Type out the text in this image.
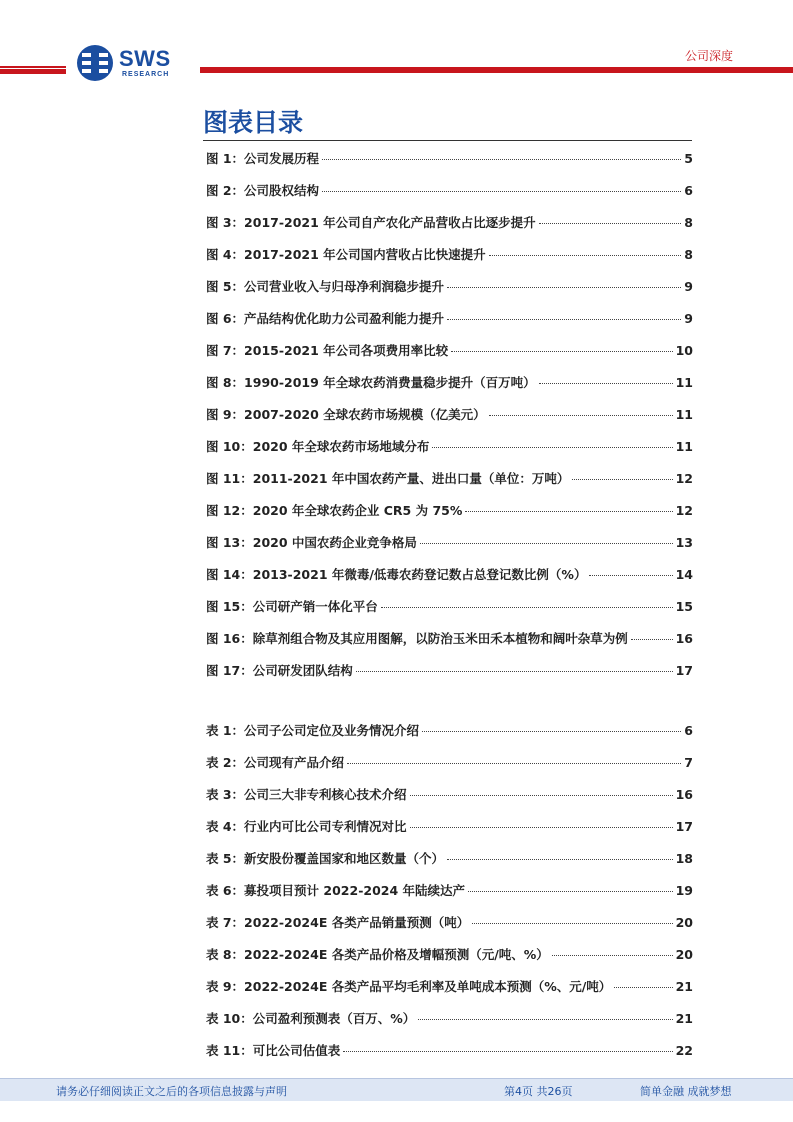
SWS
RESEARCH
公司深度
图表目录
图 1：公司发展历程	5
图 2：公司股权结构	6
图 3：2017-2021 年公司自产农化产品营收占比逐步提升	8
图 4：2017-2021 年公司国内营收占比快速提升	8
图 5：公司营业收入与归母净利润稳步提升	9
图 6：产品结构优化助力公司盈利能力提升	9
图 7：2015-2021 年公司各项费用率比较	10
图 8：1990-2019 年全球农药消费量稳步提升（百万吨）	11
图 9：2007-2020 全球农药市场规模（亿美元）	11
图 10：2020 年全球农药市场地域分布	11
图 11：2011-2021 年中国农药产量、进出口量（单位：万吨）	12
图 12：2020 年全球农药企业 CR5 为 75%	12
图 13：2020 中国农药企业竞争格局	13
图 14：2013-2021 年微毒/低毒农药登记数占总登记数比例（%）	14
图 15：公司研产销一体化平台	15
图 16：除草剂组合物及其应用图解，以防治玉米田禾本植物和阔叶杂草为例	16
图 17：公司研发团队结构	17
表 1：公司子公司定位及业务情况介绍	6
表 2：公司现有产品介绍	7
表 3：公司三大非专利核心技术介绍	16
表 4：行业内可比公司专利情况对比	17
表 5：新安股份覆盖国家和地区数量（个）	18
表 6：募投项目预计 2022-2024 年陆续达产	19
表 7：2022-2024E 各类产品销量预测（吨）	20
表 8：2022-2024E 各类产品价格及增幅预测（元/吨、%）	20
表 9：2022-2024E 各类产品平均毛利率及单吨成本预测（%、元/吨）	21
表 10：公司盈利预测表（百万、%）	21
表 11：可比公司估值表	22
请务必仔细阅读正文之后的各项信息披露与声明	第4页 共26页	简单金融 成就梦想
